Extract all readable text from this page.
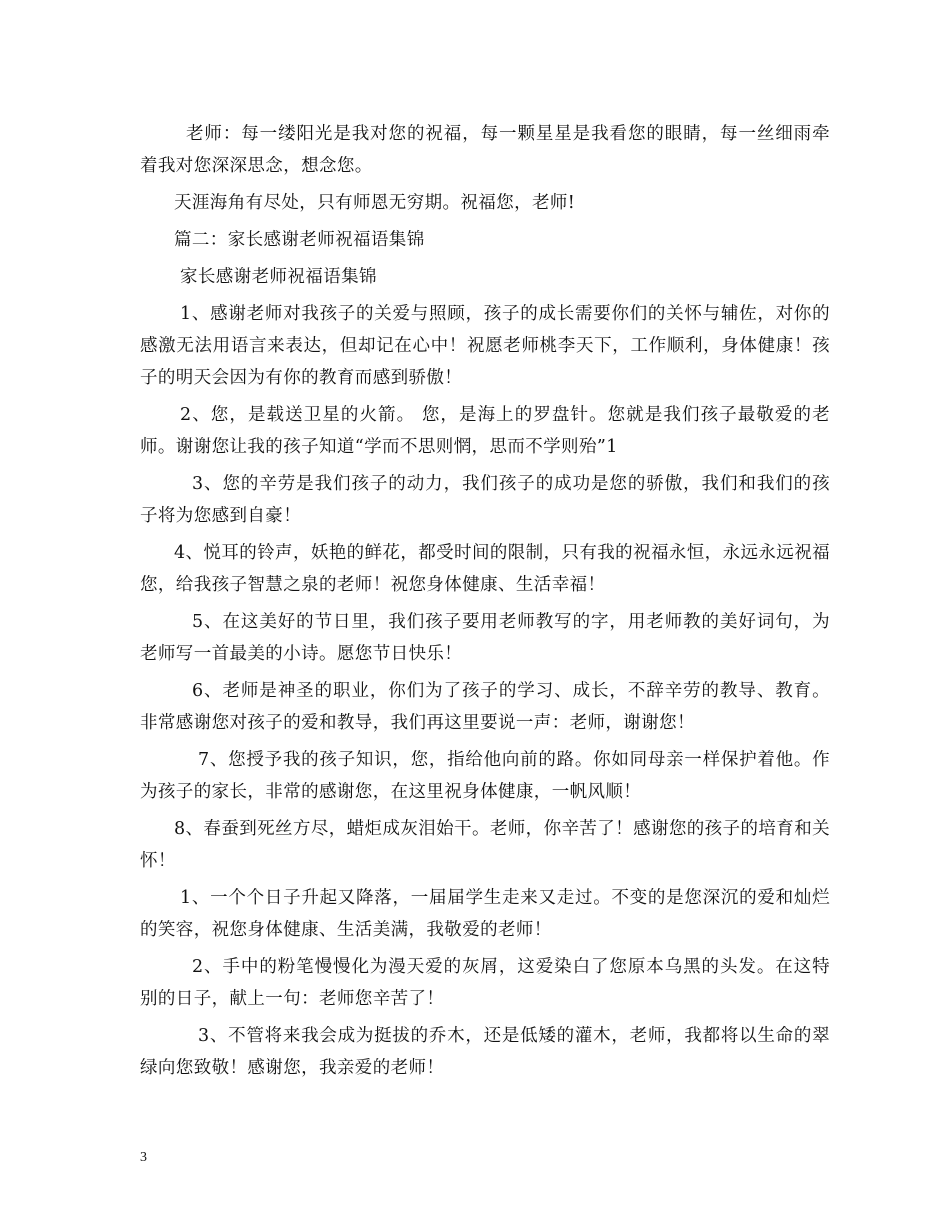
老师：每一缕阳光是我对您的祝福，每一颗星星是我看您的眼睛，每一丝细雨牵着我对您深深思念，想念您。

天涯海角有尽处，只有师恩无穷期。祝福您，老师!

篇二：家长感谢老师祝福语集锦

家长感谢老师祝福语集锦

1、感谢老师对我孩子的关爱与照顾，孩子的成长需要你们的关怀与辅佐，对你的感激无法用语言来表达，但却记在心中！祝愿老师桃李天下，工作顺利，身体健康！孩子的明天会因为有你的教育而感到骄傲！

2、您，是载送卫星的火箭。 您，是海上的罗盘针。您就是我们孩子最敬爱的老师。谢谢您让我的孩子知道“学而不思则惘，思而不学则殆”1

3、您的辛劳是我们孩子的动力，我们孩子的成功是您的骄傲，我们和我们的孩子将为您感到自豪！

4、悦耳的铃声，妖艳的鲜花，都受时间的限制，只有我的祝福永恒，永远永远祝福您，给我孩子智慧之泉的老师！祝您身体健康、生活幸福！

5、在这美好的节日里，我们孩子要用老师教写的字，用老师教的美好词句，为老师写一首最美的小诗。愿您节日快乐！

6、老师是神圣的职业，你们为了孩子的学习、成长，不辞辛劳的教导、教育。非常感谢您对孩子的爱和教导，我们再这里要说一声：老师，谢谢您！

7、您授予我的孩子知识，您，指给他向前的路。你如同母亲一样保护着他。作为孩子的家长，非常的感谢您，在这里祝身体健康，一帆风顺！

8、春蚕到死丝方尽，蜡炬成灰泪始干。老师，你辛苦了！感谢您的孩子的培育和关怀！

1、一个个日子升起又降落，一届届学生走来又走过。不变的是您深沉的爱和灿烂的笑容，祝您身体健康、生活美满，我敬爱的老师！

2、手中的粉笔慢慢化为漫天爱的灰屑，这爱染白了您原本乌黑的头发。在这特别的日子，献上一句：老师您辛苦了！

3、不管将来我会成为挺拔的乔木，还是低矮的灌木，老师，我都将以生命的翠绿向您致敬！感谢您，我亲爱的老师！

3
